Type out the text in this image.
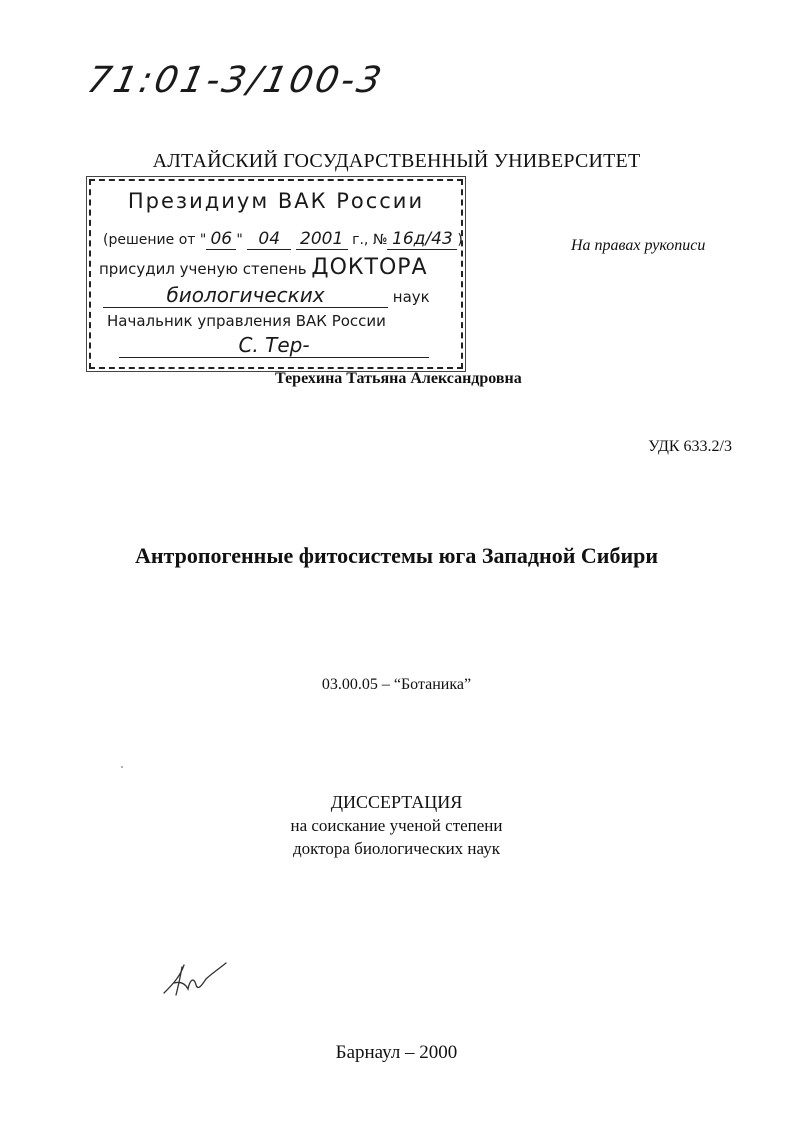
71:01-3/100-3
АЛТАЙСКИЙ ГОСУДАРСТВЕННЫЙ УНИВЕРСИТЕТ
На правах рукописи
Президиум ВАК России
(решение от " 06 " 04 2001 г., № 16д/43 )
присудил ученую степень ДОКТОРА
биологических	наук
Начальник управления ВАК России
С. Тер-
Терехина Татьяна Александровна
УДК 633.2/3
Антропогенные фитосистемы юга Западной Сибири
03.00.05 – “Ботаника”
ДИССЕРТАЦИЯ
на соискание ученой степени
доктора биологических наук
Барнаул – 2000
